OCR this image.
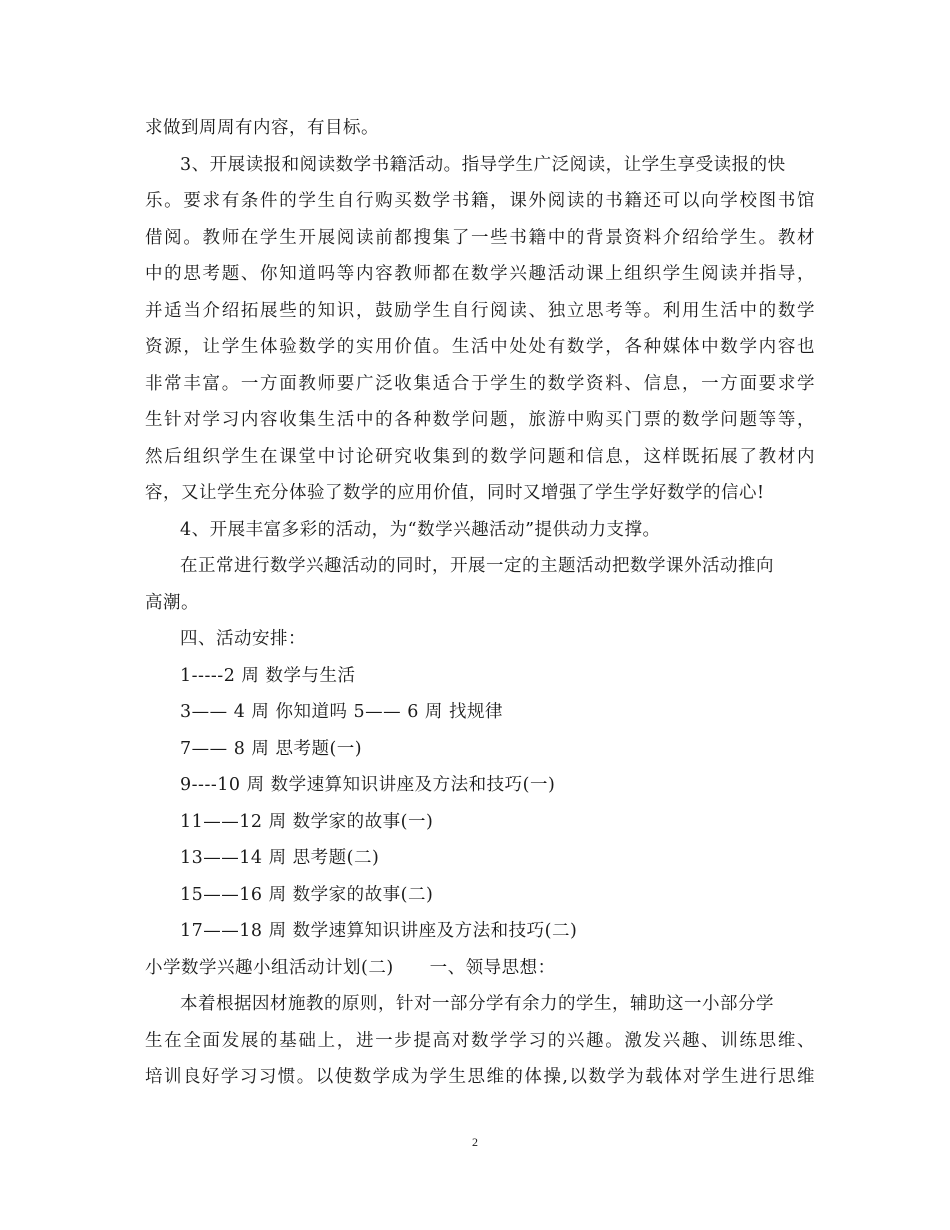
求做到周周有内容，有目标。
3、开展读报和阅读数学书籍活动。指导学生广泛阅读，让学生享受读报的快
乐。要求有条件的学生自行购买数学书籍，课外阅读的书籍还可以向学校图书馆
借阅。教师在学生开展阅读前都搜集了一些书籍中的背景资料介绍给学生。教材
中的思考题、你知道吗等内容教师都在数学兴趣活动课上组织学生阅读并指导，
并适当介绍拓展些的知识，鼓励学生自行阅读、独立思考等。利用生活中的数学
资源，让学生体验数学的实用价值。生活中处处有数学，各种媒体中数学内容也
非常丰富。一方面教师要广泛收集适合于学生的数学资料、信息，一方面要求学
生针对学习内容收集生活中的各种数学问题，旅游中购买门票的数学问题等等，
然后组织学生在课堂中讨论研究收集到的数学问题和信息，这样既拓展了教材内
容，又让学生充分体验了数学的应用价值，同时又增强了学生学好数学的信心!
4、开展丰富多彩的活动，为“数学兴趣活动”提供动力支撑。
在正常进行数学兴趣活动的同时，开展一定的主题活动把数学课外活动推向
高潮。
四、活动安排：
1-----2 周 数学与生活
3—— 4 周 你知道吗 5—— 6 周 找规律
7—— 8 周 思考题(一)
9----10 周 数学速算知识讲座及方法和技巧(一)
11——12 周 数学家的故事(一)
13——14 周 思考题(二)
15——16 周 数学家的故事(二)
17——18 周 数学速算知识讲座及方法和技巧(二)
小学数学兴趣小组活动计划(二)　　一、领导思想：
本着根据因材施教的原则，针对一部分学有余力的学生，辅助这一小部分学
生在全面发展的基础上，进一步提高对数学学习的兴趣。激发兴趣、训练思维、
培训良好学习习惯。以使数学成为学生思维的体操,以数学为载体对学生进行思维
2
